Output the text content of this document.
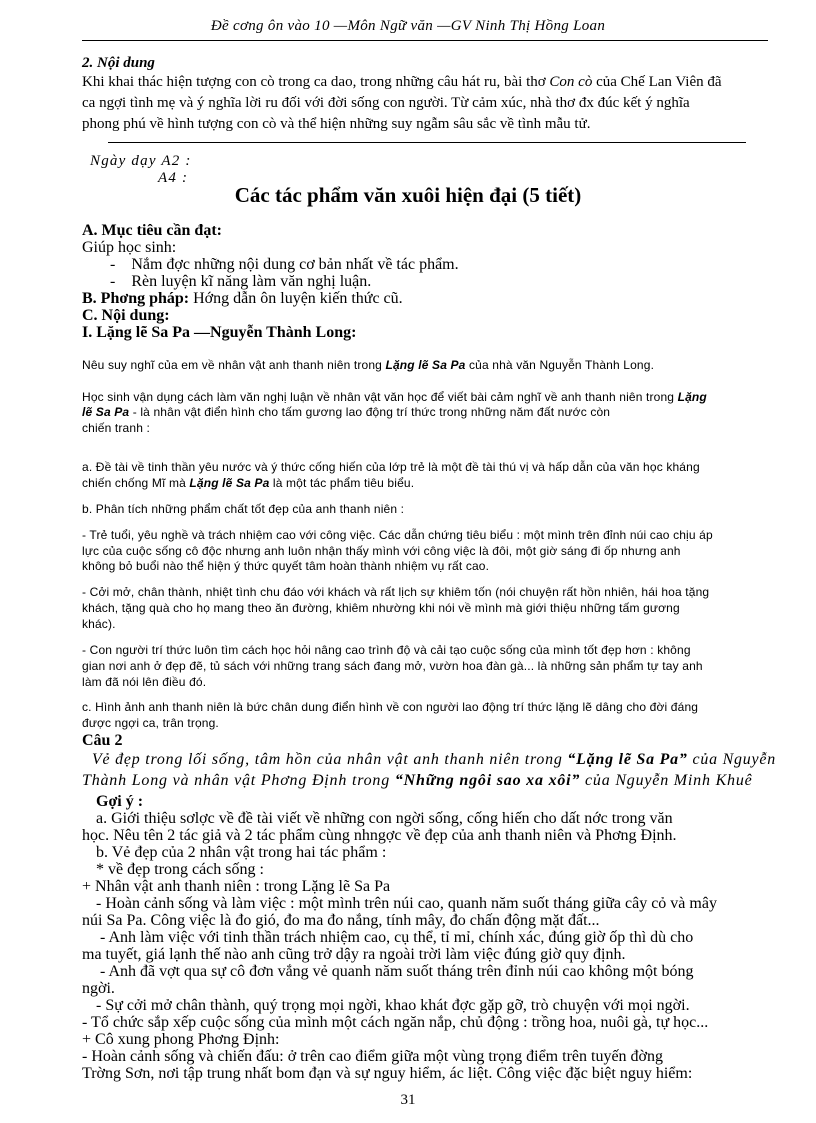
Đề cơng ôn vào 10 —Môn Ngữ văn —GV Ninh Thị Hồng Loan
2. Nội dung
Khi khai thác hiện tượng con cò trong ca dao, trong những câu hát ru, bài thơ Con cò của Chế Lan Viên đã
ca ngợi tình mẹ và ý nghĩa lời ru đối với đời sống con người. Từ cảm xúc, nhà thơ đx đúc kết ý nghĩa
phong phú về hình tượng con cò và thể hiện những suy ngẫm sâu sắc về tình mẫu tử.
Ngày dạy A2 :
A4 :
Các tác phẩm văn xuôi hiện đại (5 tiết)
A. Mục tiêu cần đạt:
Giúp học sinh:
-    Nắm đợc những nội dung cơ bản nhất về tác phẩm.
-    Rèn luyện kĩ năng làm văn nghị luận.
B. Phơng pháp: Hớng dẫn ôn luyện kiến thức cũ.
C. Nội dung:
I. Lặng lẽ Sa Pa —Nguyễn Thành Long:
Nêu suy nghĩ của em về nhân vật anh thanh niên trong Lặng lẽ Sa Pa của nhà văn Nguyễn Thành Long.
Học sinh vận dụng cách làm văn nghị luận về nhân vật văn học để viết bài cảm nghĩ về anh thanh niên trong Lặng
lẽ Sa Pa - là nhân vật điển hình cho tấm gương lao động trí thức trong những năm đất nước còn
chiến tranh :
a. Đề tài về tinh thần yêu nước và ý thức cống hiến của lớp trẻ là một đề tài thú vị và hấp dẫn của văn học kháng
chiến chống Mĩ mà Lặng lẽ Sa Pa là một tác phẩm tiêu biểu.
b. Phân tích những phẩm chất tốt đẹp của anh thanh niên :
- Trẻ tuổi, yêu nghề và trách nhiệm cao với công việc. Các dẫn chứng tiêu biểu : một mình trên đỉnh núi cao chịu áp
lực của cuộc sống cô độc nhưng anh luôn nhận thấy mình với công việc là đôi, một giờ sáng đi ốp nhưng anh
không bỏ buổi nào thể hiện ý thức quyết tâm hoàn thành nhiệm vụ rất cao.
- Cởi mở, chân thành, nhiệt tình chu đáo với khách và rất lịch sự khiêm tốn (nói chuyện rất hồn nhiên, hái hoa tặng
khách, tặng quà cho họ mang theo ăn đường, khiêm nhường khi nói về mình mà giới thiệu những tấm gương
khác).
- Con người trí thức luôn tìm cách học hỏi nâng cao trình độ và cải tạo cuộc sống của mình tốt đẹp hơn : không
gian nơi anh ở đẹp đẽ, tủ sách với những trang sách đang mở, vườn hoa đàn gà... là những sản phẩm tự tay anh
làm đã nói lên điều đó.
c. Hình ảnh anh thanh niên là bức chân dung điển hình về con người lao động trí thức lặng lẽ dâng cho đời đáng
được ngợi ca, trân trọng.
Câu 2
Vẻ đẹp trong lối sống, tâm hồn của nhân vật anh thanh niên trong “Lặng lẽ Sa Pa” của Nguyễn
Thành Long và nhân vật Phơng Định trong “Những ngôi sao xa xôi” của Nguyễn Minh Khuê
Gợi ý :
a. Giới thiệu sơlợc về đề tài viết về những con ngời sống, cống hiến cho dất nớc trong văn
học. Nêu tên 2 tác giả và 2 tác phẩm cùng nhngợc về đẹp của anh thanh niên và Phơng Định.
b. Vẻ đẹp của 2 nhân vật trong hai tác phẩm :
* về đẹp trong cách sống :
+ Nhân vật anh thanh niên : trong Lặng lẽ Sa Pa
- Hoàn cảnh sống và làm việc : một mình trên núi cao, quanh năm suốt tháng giữa cây cỏ và mây
núi Sa Pa. Công việc là đo gió, đo ma đo nắng, tính mây, đo chấn động mặt đất...
- Anh làm việc với tinh thần trách nhiệm cao, cụ thể, tỉ mỉ, chính xác, đúng giờ ốp thì dù cho
ma tuyết, giá lạnh thế nào anh cũng trở dậy ra ngoài trời làm việc đúng giờ quy định.
- Anh đã vợt qua sự cô đơn vắng vẻ quanh năm suốt tháng trên đỉnh núi cao không một bóng
ngời.
- Sự cởi mở chân thành, quý trọng mọi ngời, khao khát đợc gặp gỡ, trò chuyện với mọi ngời.
- Tổ chức sắp xếp cuộc sống của mình một cách ngăn nắp, chủ động : trồng hoa, nuôi gà, tự học...
+ Cô xung phong Phơng Định:
- Hoàn cảnh sống và chiến đấu: ở trên cao điểm giữa một vùng trọng điểm trên tuyến đờng
Trờng Sơn, nơi tập trung nhất bom đạn và sự nguy hiểm, ác liệt. Công việc đặc biệt nguy hiểm:
31
